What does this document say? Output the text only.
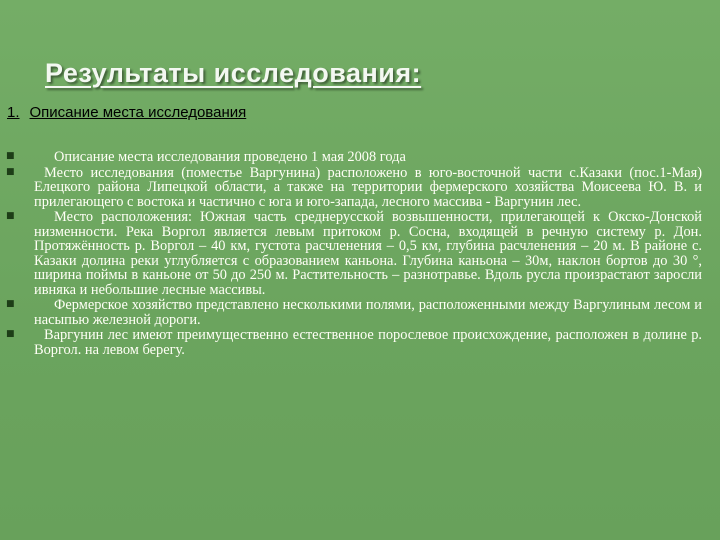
Результаты исследования:
1. Описание места исследования
■	Описание места исследования проведено 1 мая 2008 года
■	Место исследования (поместье Варгунина) расположено в юго-восточной части с.Казаки (пос.1-Мая) Елецкого района Липецкой области, а также на территории фермерского хозяйства Моисеева Ю. В. и прилегающего с востока и частично с юга и юго-запада, лесного массива - Варгунин лес.
■	Место расположения: Южная часть среднерусской возвышенности, прилегающей к Окско-Донской низменности. Река Воргол является левым притоком р. Сосна, входящей в речную систему р. Дон. Протяжённость р. Воргол – 40 км, густота расчленения – 0,5 км, глубина расчленения – 20 м. В районе с. Казаки долина реки углубляется с образованием каньона. Глубина каньона – 30м, наклон бортов до 30 °, ширина поймы в каньоне от 50 до 250 м. Растительность – разнотравье. Вдоль русла произрастают заросли ивняка и небольшие лесные массивы.
■	Фермерское хозяйство представлено несколькими полями, расположенными между Варгулиным лесом и насыпью железной дороги.
■	Варгунин лес имеют преимущественно естественное порослевое происхождение, расположен в долине р. Воргол. на левом берегу.
